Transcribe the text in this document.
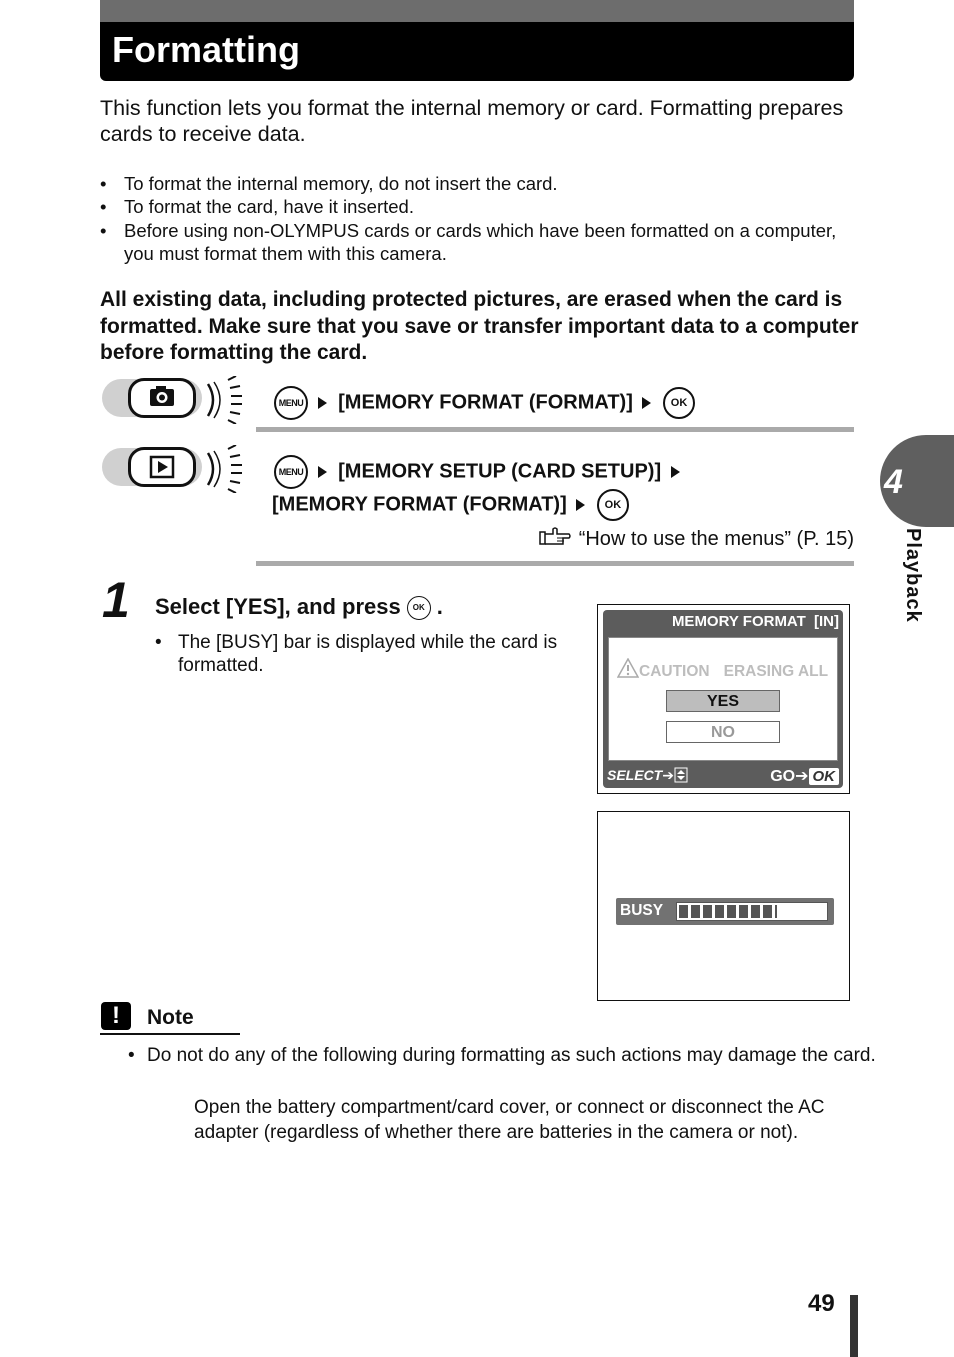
Formatting
This function lets you format the internal memory or card. Formatting prepares cards to receive data.
• To format the internal memory, do not insert the card.
• To format the card, have it inserted.
• Before using non-OLYMPUS cards or cards which have been formatted on a computer, you must format them with this camera.
All existing data, including protected pictures, are erased when the card is formatted. Make sure that you save or transfer important data to a computer before formatting the card.
MENU [MEMORY FORMAT (FORMAT)]	OK
MENU [MEMORY SETUP (CARD SETUP)]
[MEMORY FORMAT (FORMAT)]	OK
“How to use the menus” (P. 15)
1 Select [YES], and press OK .
• The [BUSY] bar is displayed while the card is formatted.
MEMORY FORMAT [IN]
CAUTION ERASING ALL
YES
NO
SELECT➔	GO➔ OK
BUSY
!	Note
• Do not do any of the following during formatting as such actions may damage the card.
Open the battery compartment/card cover, or connect or disconnect the AC adapter (regardless of whether there are batteries in the camera or not).
4
Playback
49
